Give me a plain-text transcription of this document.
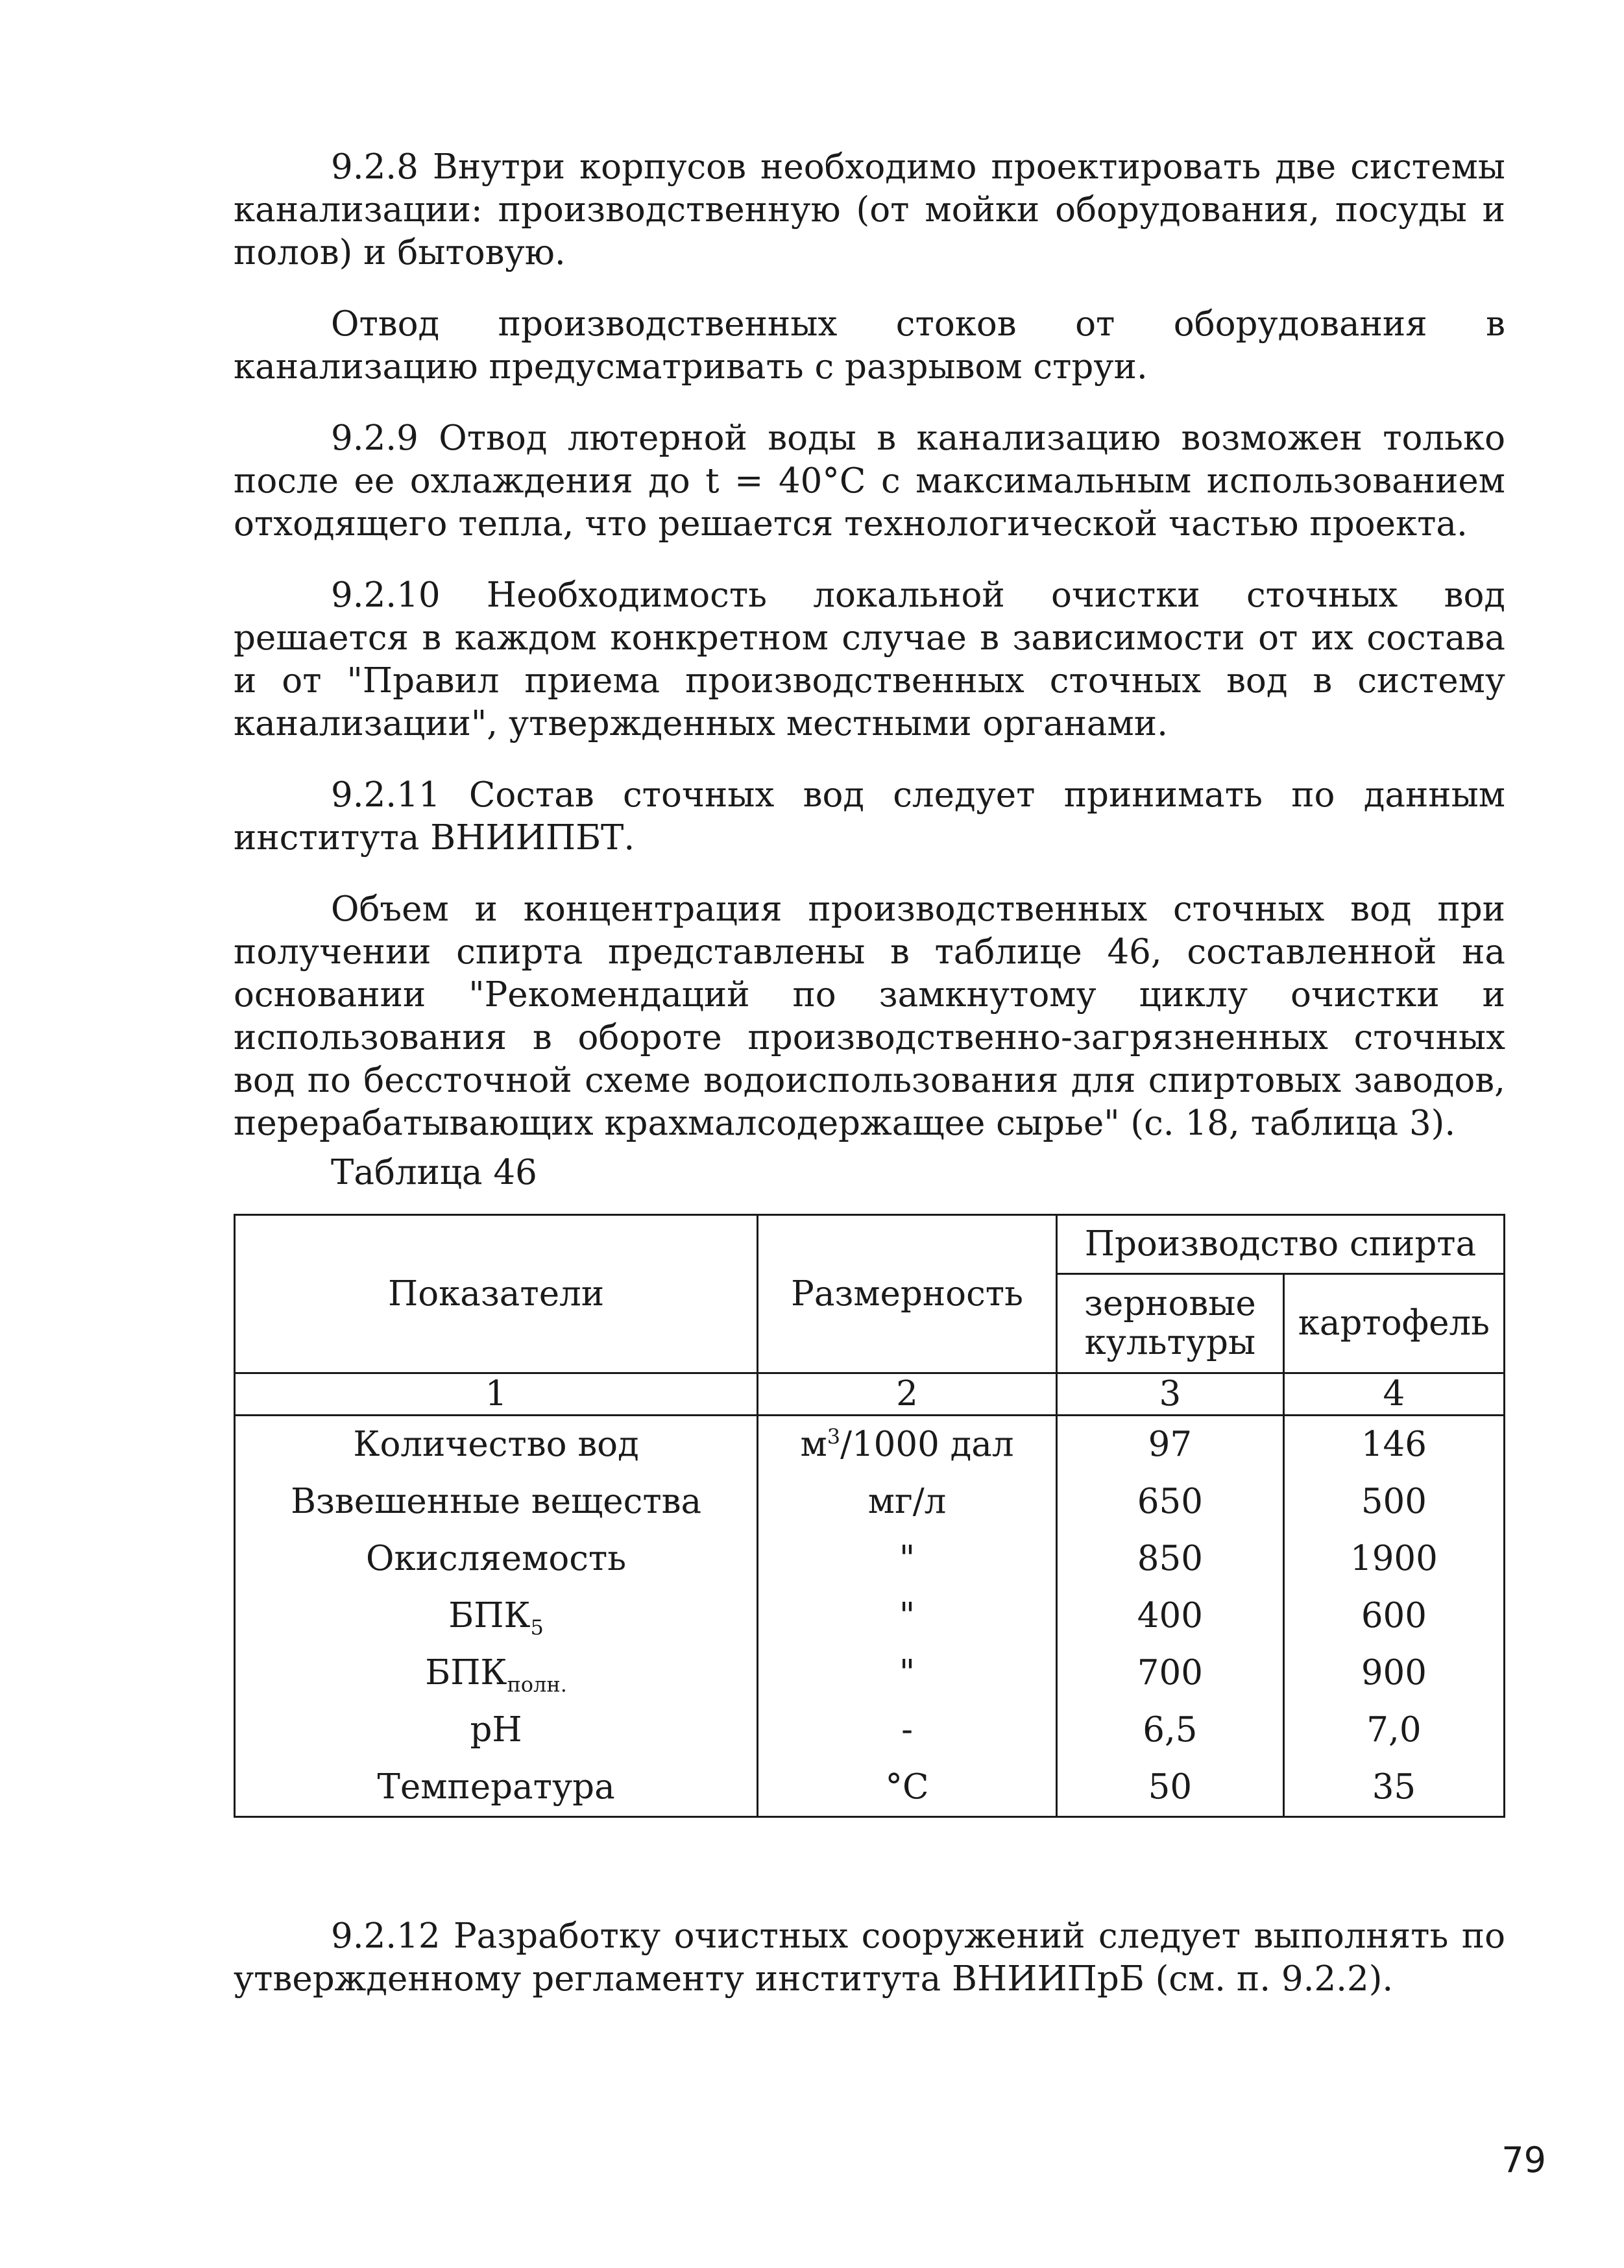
9.2.8 Внутри корпусов необходимо проектировать две системы канализации: производственную (от мойки оборудования, посуды и полов) и бытовую.

Отвод производственных стоков от оборудования в канализацию предусматривать с разрывом струи.

9.2.9 Отвод лютерной воды в канализацию возможен только после ее охлаждения до t = 40°С с максимальным использованием отходящего тепла, что решается технологической частью проекта.

9.2.10 Необходимость локальной очистки сточных вод решается в каждом конкретном случае в зависимости от их состава и от "Правил приема производственных сточных вод в систему канализации", утвержденных местными органами.

9.2.11 Состав сточных вод следует принимать по данным института ВНИИПБТ.

Объем и концентрация производственных сточных вод при получении спирта представлены в таблице 46, составленной на основании "Рекомендаций по замкнутому циклу очистки и использования в обороте производственно-загрязненных сточных вод по бессточной схеме водоиспользования для спиртовых заводов, перерабатывающих крахмалсодержащее сырье" (с. 18, таблица 3).

Таблица 46
Показатели	Размерность	Производство спирта	
		зерновые культуры	картофель
1	2	3	4
Количество вод	$м^3/1000$ дал	97	146
Взвешенные вещества	мг/л	650	500
Окисляемость	"	850	1900
$БПК_5$	"	400	600
$БПК_{полн.}$	"	700	900
pH	-	6,5	7,0
Температура	°С	50	35

9.2.12 Разработку очистных сооружений следует выполнять по утвержденному регламенту института ВНИИПрБ (см. п. 9.2.2).

79
